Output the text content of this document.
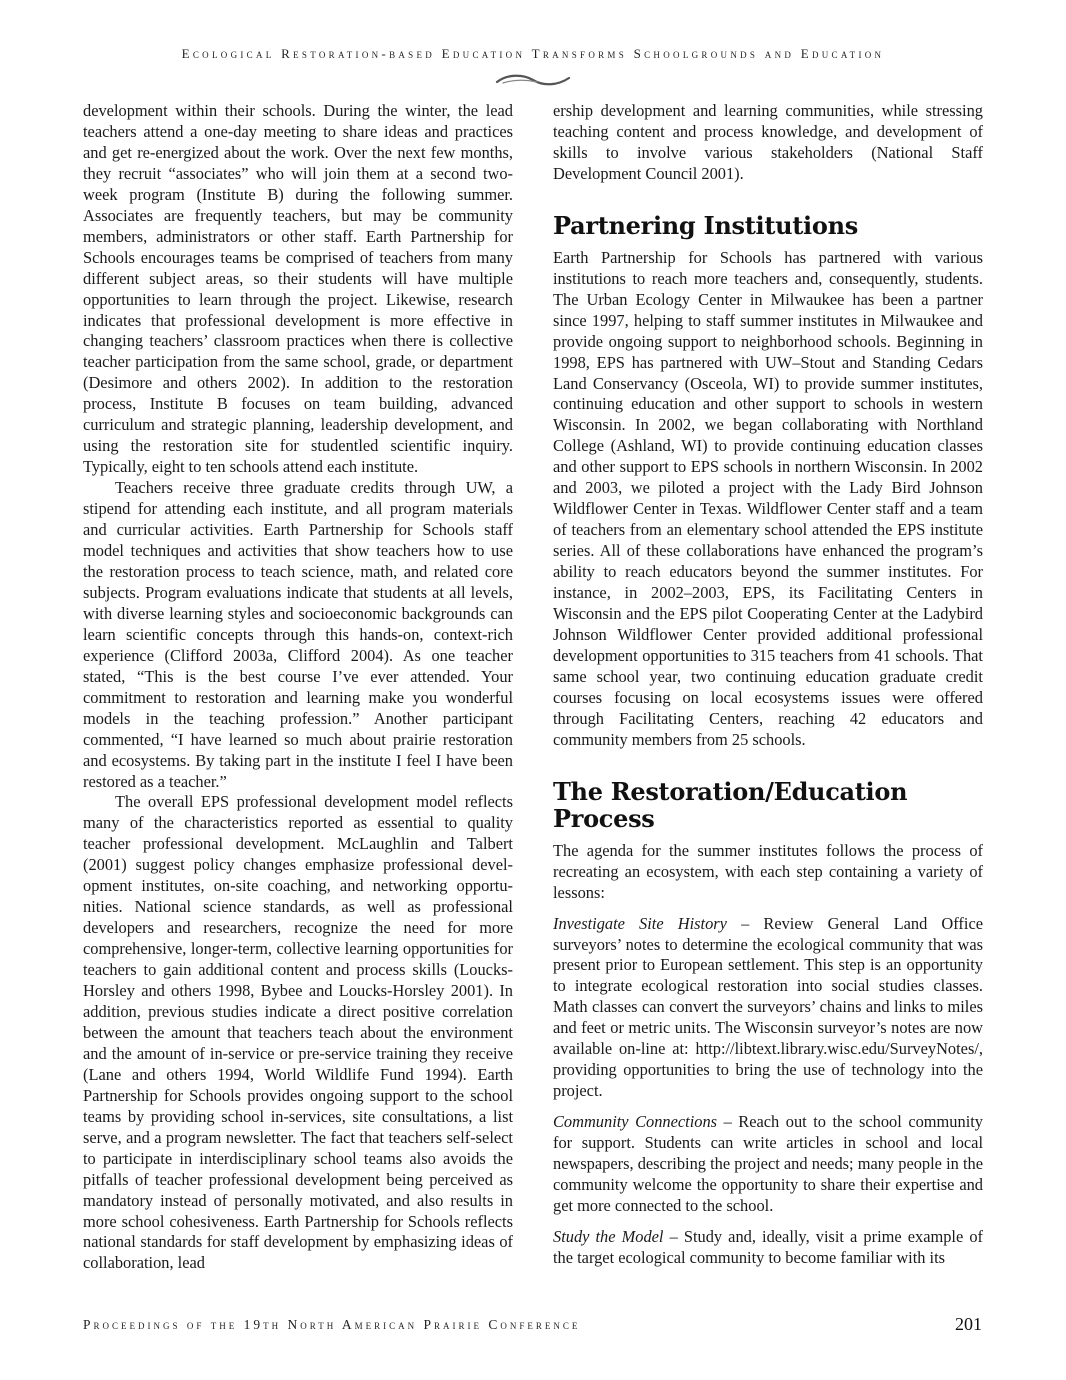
Ecological Restoration-based Education Transforms Schoolgrounds and Education

development within their schools. During the winter, the lead teachers attend a one-day meeting to share ideas and practices and get re-energized about the work. Over the next few months, they recruit “associates” who will join them at a second two-week program (Institute B) during the following summer. Associates are frequently teachers, but may be community members, administrators or other staff. Earth Partnership for Schools encourages teams be comprised of teachers from many different subject areas, so their students will have multiple opportunities to learn through the project. Likewise, research indicates that professional development is more effective in changing teachers’ classroom practices when there is collective teacher participation from the same school, grade, or department (Desimore and others 2002). In addition to the restoration process, Institute B focuses on team building, advanced curriculum and strategic planning, leadership development, and using the restoration site for studentled scientific inquiry. Typically, eight to ten schools attend each institute.

Teachers receive three graduate credits through UW, a stipend for attending each institute, and all program materials and curricular activities. Earth Partnership for Schools staff model techniques and activities that show teachers how to use the restoration process to teach science, math, and related core subjects. Program evaluations indicate that students at all levels, with diverse learning styles and socioeconomic backgrounds can learn scientific concepts through this hands-on, context-rich experience (Clifford 2003a, Clifford 2004). As one teacher stated, “This is the best course I’ve ever attended. Your commitment to restoration and learning make you wonderful models in the teaching profession.” Another participant commented, “I have learned so much about prairie restoration and ecosystems. By taking part in the institute I feel I have been restored as a teacher.”

The overall EPS professional development model reflects many of the characteristics reported as essential to quality teacher professional development. McLaughlin and Talbert (2001) suggest policy changes emphasize professional development institutes, on-site coaching, and networking opportunities. National science standards, as well as professional developers and researchers, recognize the need for more comprehensive, longer-term, collective learning opportunities for teachers to gain additional content and process skills (Loucks-Horsley and others 1998, Bybee and Loucks-Horsley 2001). In addition, previous studies indicate a direct positive correlation between the amount that teachers teach about the environment and the amount of in-service or pre-service training they receive (Lane and others 1994, World Wildlife Fund 1994). Earth Partnership for Schools provides ongoing support to the school teams by providing school in-services, site consultations, a list serve, and a program newsletter. The fact that teachers self-select to participate in interdisciplinary school teams also avoids the pitfalls of teacher professional development being perceived as mandatory instead of personally motivated, and also results in more school cohesiveness. Earth Partnership for Schools reflects national standards for staff development by emphasizing ideas of collaboration, lead

ership development and learning communities, while stressing teaching content and process knowledge, and development of skills to involve various stakeholders (National Staff Development Council 2001).

Partnering Institutions

Earth Partnership for Schools has partnered with various institutions to reach more teachers and, consequently, students. The Urban Ecology Center in Milwaukee has been a partner since 1997, helping to staff summer institutes in Milwaukee and provide ongoing support to neighborhood schools. Beginning in 1998, EPS has partnered with UW–Stout and Standing Cedars Land Conservancy (Osceola, WI) to provide summer institutes, continuing education and other support to schools in western Wisconsin. In 2002, we began collaborating with Northland College (Ashland, WI) to provide continuing education classes and other support to EPS schools in northern Wisconsin. In 2002 and 2003, we piloted a project with the Lady Bird Johnson Wildflower Center in Texas. Wildflower Center staff and a team of teachers from an elementary school attended the EPS institute series. All of these collaborations have enhanced the program’s ability to reach educators beyond the summer institutes. For instance, in 2002–2003, EPS, its Facilitating Centers in Wisconsin and the EPS pilot Cooperating Center at the Ladybird Johnson Wildflower Center provided additional professional development opportunities to 315 teachers from 41 schools. That same school year, two continuing education graduate credit courses focusing on local ecosystems issues were offered through Facilitating Centers, reaching 42 educators and community members from 25 schools.

The Restoration/Education Process

The agenda for the summer institutes follows the process of recreating an ecosystem, with each step containing a variety of lessons:

Investigate Site History – Review General Land Office surveyors’ notes to determine the ecological community that was present prior to European settlement. This step is an opportunity to integrate ecological restoration into social studies classes. Math classes can convert the surveyors’ chains and links to miles and feet or metric units. The Wisconsin surveyor’s notes are now available on-line at: http://libtext.library.wisc.edu/SurveyNotes/, providing opportunities to bring the use of technology into the project.

Community Connections – Reach out to the school community for support. Students can write articles in school and local newspapers, describing the project and needs; many people in the community welcome the opportunity to share their expertise and get more connected to the school.

Study the Model – Study and, ideally, visit a prime example of the target ecological community to become familiar with its

Proceedings of the 19th North American Prairie Conference	201
